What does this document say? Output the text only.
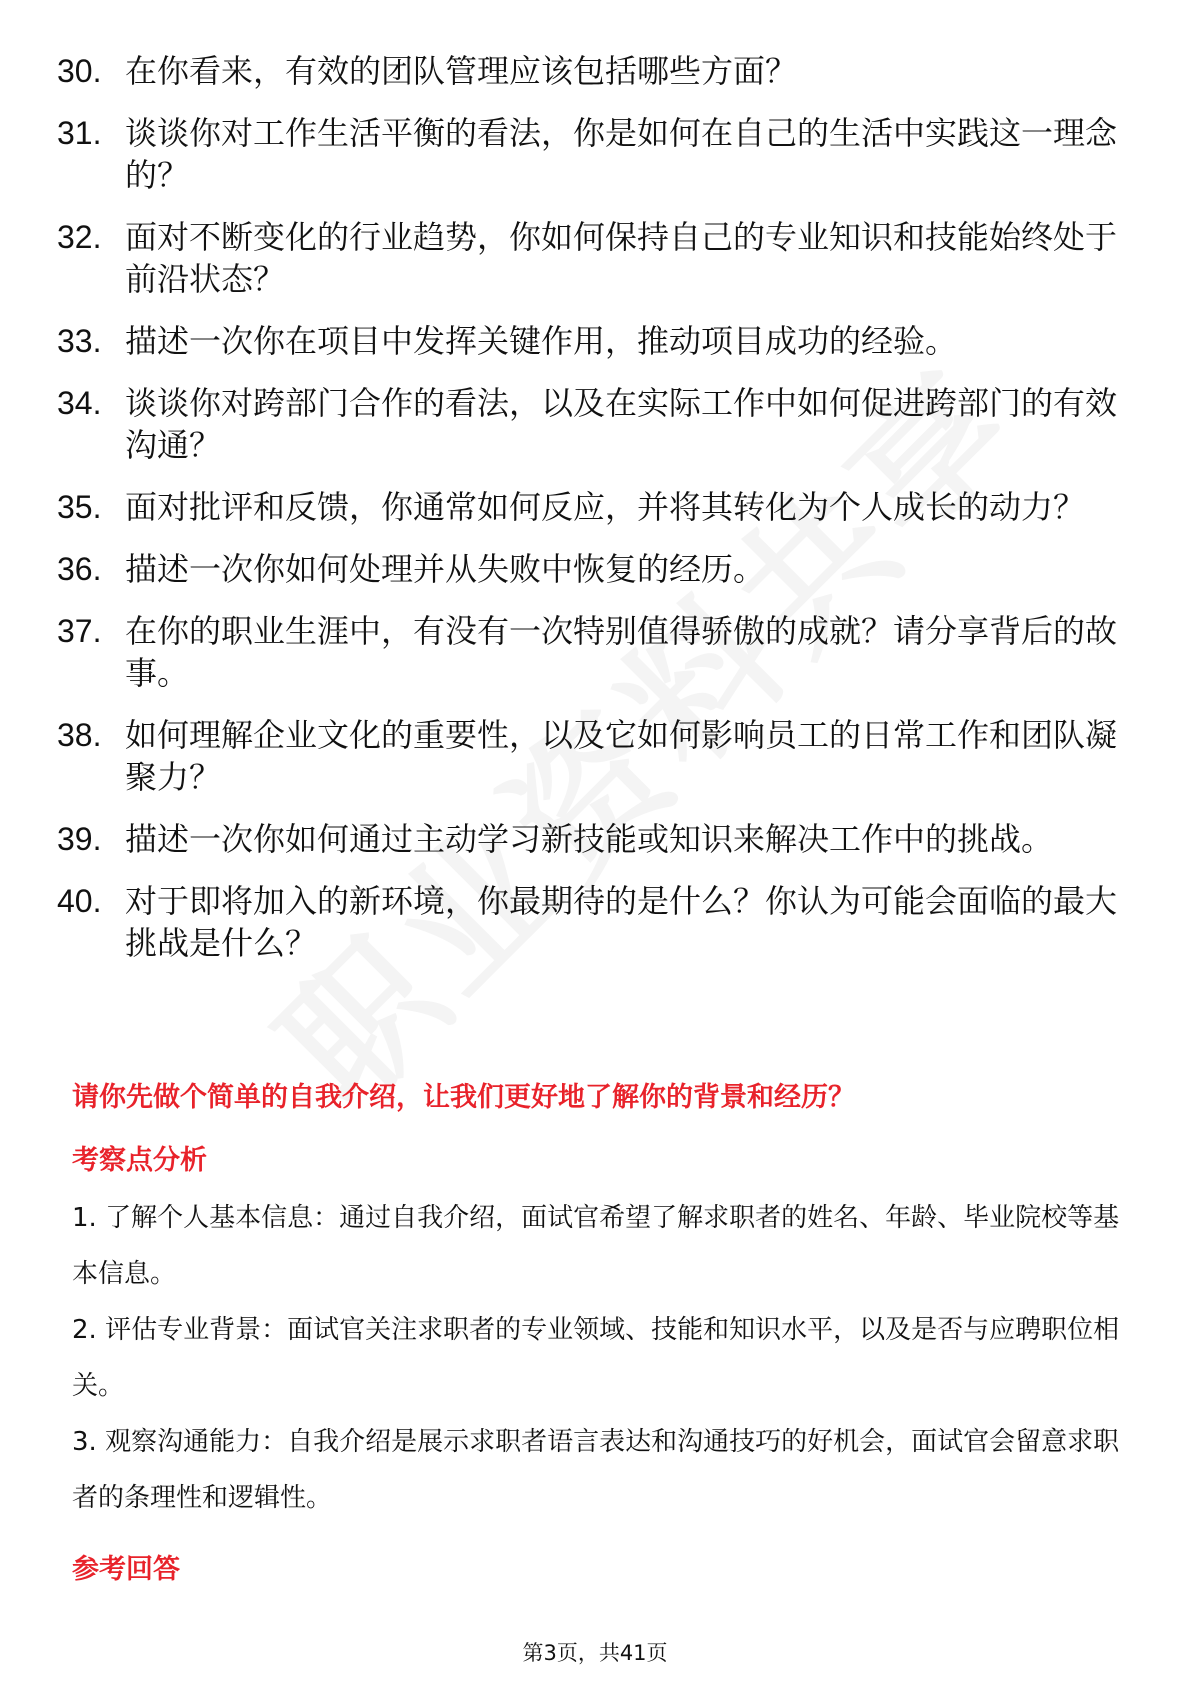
30. 在你看来，有效的团队管理应该包括哪些方面？
31. 谈谈你对工作生活平衡的看法，你是如何在自己的生活中实践这一理念的？
32. 面对不断变化的行业趋势，你如何保持自己的专业知识和技能始终处于前沿状态？
33. 描述一次你在项目中发挥关键作用，推动项目成功的经验。
34. 谈谈你对跨部门合作的看法，以及在实际工作中如何促进跨部门的有效沟通？
35. 面对批评和反馈，你通常如何反应，并将其转化为个人成长的动力？
36. 描述一次你如何处理并从失败中恢复的经历。
37. 在你的职业生涯中，有没有一次特别值得骄傲的成就？请分享背后的故事。
38. 如何理解企业文化的重要性，以及它如何影响员工的日常工作和团队凝聚力？
39. 描述一次你如何通过主动学习新技能或知识来解决工作中的挑战。
40. 对于即将加入的新环境，你最期待的是什么？你认为可能会面临的最大挑战是什么？
请你先做个简单的自我介绍，让我们更好地了解你的背景和经历？
考察点分析
1. 了解个人基本信息：通过自我介绍，面试官希望了解求职者的姓名、年龄、毕业院校等基本信息。
2. 评估专业背景：面试官关注求职者的专业领域、技能和知识水平，以及是否与应聘职位相关。
3. 观察沟通能力：自我介绍是展示求职者语言表达和沟通技巧的好机会，面试官会留意求职者的条理性和逻辑性。
参考回答
第3页，共41页
